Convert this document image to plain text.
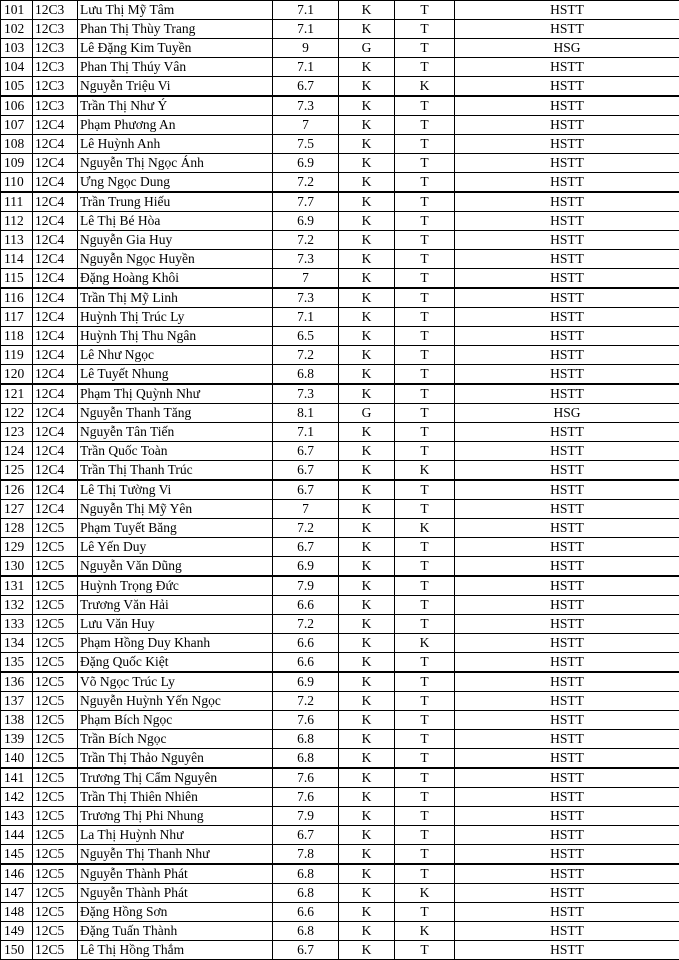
101	12C3	Lưu Thị Mỹ Tâm	7.1	K	T	HSTT
102	12C3	Phan Thị Thùy Trang	7.1	K	T	HSTT
103	12C3	Lê Đặng Kim Tuyền	9	G	T	HSG
104	12C3	Phan Thị Thúy Vân	7.1	K	T	HSTT
105	12C3	Nguyễn Triệu Vi	6.7	K	K	HSTT
106	12C3	Trần Thị Như Ý	7.3	K	T	HSTT
107	12C4	Phạm Phương An	7	K	T	HSTT
108	12C4	Lê Huỳnh Anh	7.5	K	T	HSTT
109	12C4	Nguyễn Thị Ngọc Ánh	6.9	K	T	HSTT
110	12C4	Ưng Ngọc Dung	7.2	K	T	HSTT
111	12C4	Trần Trung Hiếu	7.7	K	T	HSTT
112	12C4	Lê Thị Bé Hòa	6.9	K	T	HSTT
113	12C4	Nguyễn Gia Huy	7.2	K	T	HSTT
114	12C4	Nguyễn Ngọc Huyền	7.3	K	T	HSTT
115	12C4	Đặng Hoàng Khôi	7	K	T	HSTT
116	12C4	Trần Thị Mỹ Linh	7.3	K	T	HSTT
117	12C4	Huỳnh Thị Trúc Ly	7.1	K	T	HSTT
118	12C4	Huỳnh Thị Thu Ngân	6.5	K	T	HSTT
119	12C4	Lê Như Ngọc	7.2	K	T	HSTT
120	12C4	Lê Tuyết Nhung	6.8	K	T	HSTT
121	12C4	Phạm Thị Quỳnh Như	7.3	K	T	HSTT
122	12C4	Nguyễn Thanh Tăng	8.1	G	T	HSG
123	12C4	Nguyễn Tân Tiến	7.1	K	T	HSTT
124	12C4	Trần Quốc Toàn	6.7	K	T	HSTT
125	12C4	Trần Thị Thanh Trúc	6.7	K	K	HSTT
126	12C4	Lê Thị Tường Vi	6.7	K	T	HSTT
127	12C4	Nguyễn Thị Mỹ Yên	7	K	T	HSTT
128	12C5	Phạm Tuyết Băng	7.2	K	K	HSTT
129	12C5	Lê Yến Duy	6.7	K	T	HSTT
130	12C5	Nguyễn Văn Dũng	6.9	K	T	HSTT
131	12C5	Huỳnh Trọng Đức	7.9	K	T	HSTT
132	12C5	Trương Văn Hải	6.6	K	T	HSTT
133	12C5	Lưu Văn Huy	7.2	K	T	HSTT
134	12C5	Phạm Hồng Duy Khanh	6.6	K	K	HSTT
135	12C5	Đặng Quốc Kiệt	6.6	K	T	HSTT
136	12C5	Võ Ngọc Trúc Ly	6.9	K	T	HSTT
137	12C5	Nguyễn Huỳnh Yến Ngọc	7.2	K	T	HSTT
138	12C5	Phạm Bích Ngọc	7.6	K	T	HSTT
139	12C5	Trần Bích Ngọc	6.8	K	T	HSTT
140	12C5	Trần Thị Thảo Nguyên	6.8	K	T	HSTT
141	12C5	Trương Thị Cẩm Nguyên	7.6	K	T	HSTT
142	12C5	Trần Thị Thiên Nhiên	7.6	K	T	HSTT
143	12C5	Trương Thị Phi Nhung	7.9	K	T	HSTT
144	12C5	La Thị Huỳnh Như	6.7	K	T	HSTT
145	12C5	Nguyễn Thị Thanh Như	7.8	K	T	HSTT
146	12C5	Nguyễn Thành Phát	6.8	K	T	HSTT
147	12C5	Nguyễn Thành Phát	6.8	K	K	HSTT
148	12C5	Đặng Hồng Sơn	6.6	K	T	HSTT
149	12C5	Đặng Tuấn Thành	6.8	K	K	HSTT
150	12C5	Lê Thị Hồng Thắm	6.7	K	T	HSTT
